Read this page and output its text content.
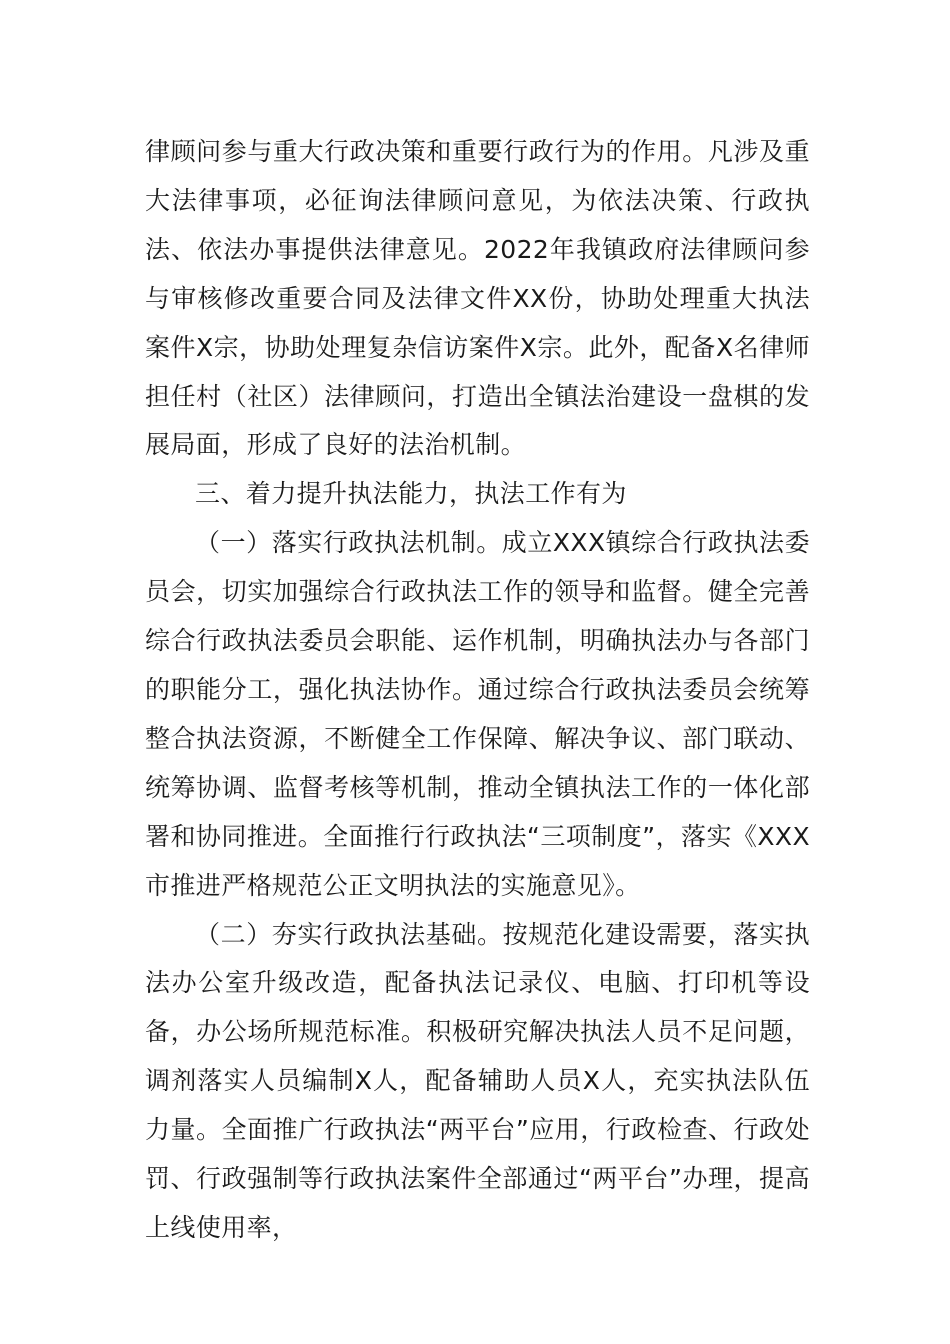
律顾问参与重大行政决策和重要行政行为的作用。凡涉及重大法律事项，必征询法律顾问意见，为依法决策、行政执法、依法办事提供法律意见。2022年我镇政府法律顾问参与审核修改重要合同及法律文件XX份，协助处理重大执法案件X宗，协助处理复杂信访案件X宗。此外，配备X名律师担任村（社区）法律顾问，打造出全镇法治建设一盘棋的发展局面，形成了良好的法治机制。

三、着力提升执法能力，执法工作有为

（一）落实行政执法机制。成立XXX镇综合行政执法委员会，切实加强综合行政执法工作的领导和监督。健全完善综合行政执法委员会职能、运作机制，明确执法办与各部门的职能分工，强化执法协作。通过综合行政执法委员会统筹整合执法资源，不断健全工作保障、解决争议、部门联动、统筹协调、监督考核等机制，推动全镇执法工作的一体化部署和协同推进。全面推行行政执法“三项制度”，落实《XXX市推进严格规范公正文明执法的实施意见》。

（二）夯实行政执法基础。按规范化建设需要，落实执法办公室升级改造，配备执法记录仪、电脑、打印机等设备，办公场所规范标准。积极研究解决执法人员不足问题，调剂落实人员编制X人，配备辅助人员X人，充实执法队伍力量。全面推广行政执法“两平台”应用，行政检查、行政处罚、行政强制等行政执法案件全部通过“两平台”办理，提高上线使用率，
